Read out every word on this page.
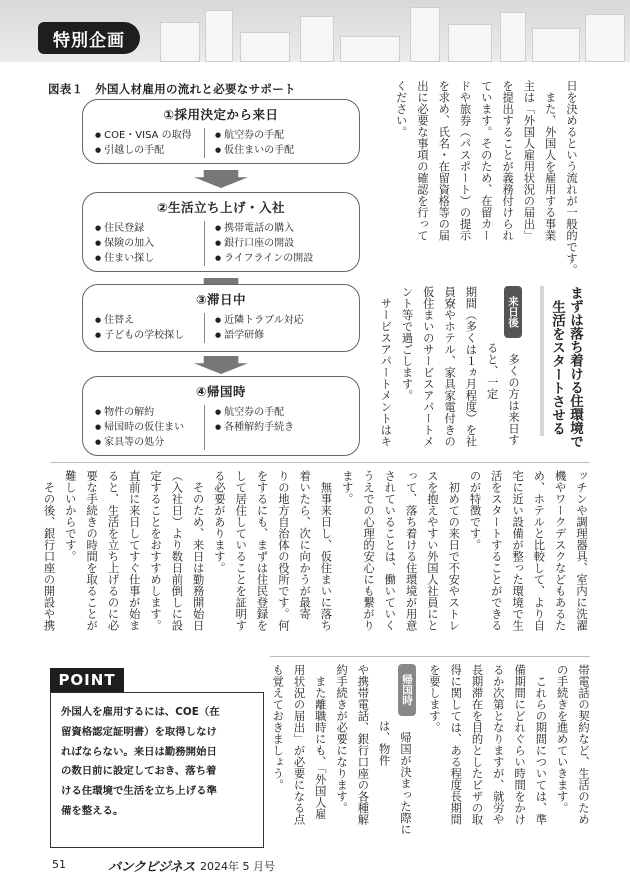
特別企画
図表１　外国人材雇用の流れと必要なサポート
①採用決定から来日
● COE・VISA の取得
● 引越しの手配
● 航空券の手配
● 仮住まいの手配
②生活立ち上げ・入社
● 住民登録
● 保険の加入
● 住まい探し
● 携帯電話の購入
● 銀行口座の開設
● ライフラインの開設
③滞日中
● 住替え
● 子どもの学校探し
● 近隣トラブル対応
● 語学研修
④帰国時
● 物件の解約
● 帰国時の仮住まい
● 家具等の処分
● 航空券の手配
● 各種解約手続き
日を決めるという流れが一般的です。
　また、外国人を雇用する事業
主は「外国人雇用状況の届出」
を提出することが義務付けられ
ています。そのため、在留カー
ドや旅券（パスポート）の提示
を求め、氏名・在留資格等の届
出に必要な事項の確認を行って
ください。
まずは落ち着ける住環境で
生活をスタートさせる
来日後
　多くの方は来日すると、一定
期間（多くは１ヵ月程度）を社
員寮やホテル、家具家電付きの
仮住まいのサービスアパートメ
ント等で過ごします。
　サービスアパートメントはキ
ッチンや調理器具、室内に洗濯
機やワークデスクなどもあるた
め、ホテルと比較して、より自
宅に近い設備が整った環境で生
活をスタートすることができる
のが特徴です。
　初めての来日で不安やストレ
スを抱えやすい外国人社員にと
って、落ち着ける住環境が用意
されていることは、働いていく
うえでの心理的安心にも繋がり
ます。
　無事来日し、仮住まいに落ち
着いたら、次に向かうが最寄
りの地方自治体の役所です。何
をするにも、まずは住民登録を
して居住していることを証明す
る必要があります。
　そのため、来日は勤務開始日
（入社日）より数日前倒しに設
定することをおすすめします。
直前に来日してすぐ仕事が始ま
ると、生活を立ち上げるのに必
要な手続きの時間を取ることが
難しいからです。
　その後、銀行口座の開設や携
帯電話の契約など、生活のため
の手続きを進めていきます。
　これらの期間については、準
備期間にどれぐらい時間をかけ
るか次第となりますが、就労や
長期滞在を目的としたビザの取
得に関しては、ある程度長期間
を要します。
帰国時
　帰国が決まった際には、物件
や携帯電話、銀行口座の各種解
約手続きが必要になります。
　また離職時にも、「外国人雇
用状況の届出」が必要になる点
も覚えておきましょう。
POINT
外国人を雇用するには、COE（在
留資格認定証明書）を取得しなけ
ればならない。来日は勤務開始日
の数日前に設定しておき、落ち着
ける住環境で生活を立ち上げる準
備を整える。
51	バンクビジネス 2024年 5 月号
